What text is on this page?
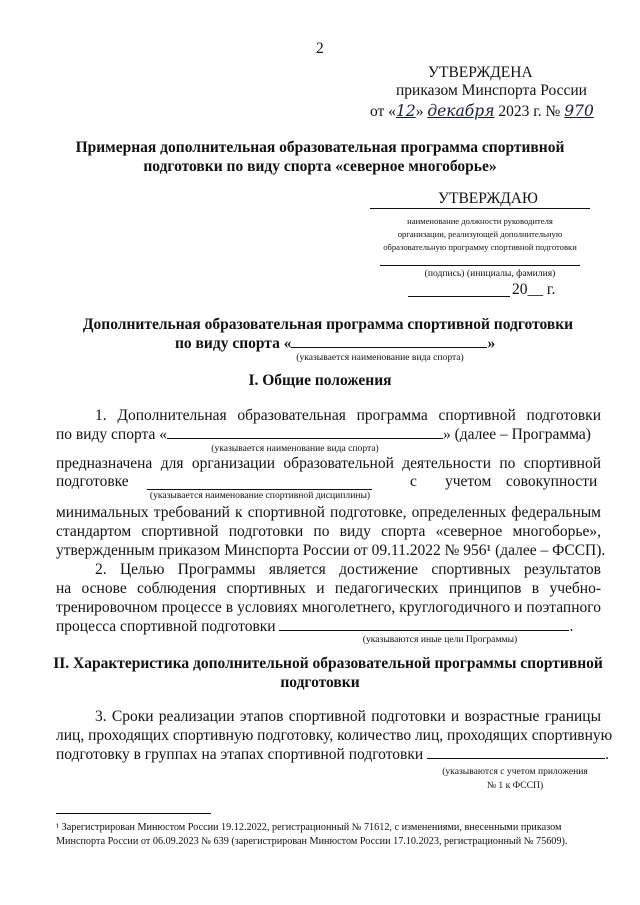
2
УТВЕРЖДЕНА
приказом Минспорта России
от «12» декабря 2023 г. № 970
Примерная дополнительная образовательная программа спортивной
подготовки по виду спорта «северное многоборье»
УТВЕРЖДАЮ
наименование должности руководителя
организации, реализующей дополнительную
образовательную программу спортивной подготовки
(подпись) (инициалы, фамилия)
20__ г.
Дополнительная образовательная программа спортивной подготовки
по виду спорта «	»
(указывается наименование вида спорта)
I. Общие положения
1. Дополнительная образовательная программа спортивной подготовки
по виду спорта «	» (далее – Программа)
(указывается наименование вида спорта)
предназначена для организации образовательной деятельности по спортивной
подготовке	с учетом совокупности
(указывается наименование спортивной дисциплины)
минимальных требований к спортивной подготовке, определенных федеральным
стандартом спортивной подготовки по виду спорта «северное многоборье»,
утвержденным приказом Минспорта России от 09.11.2022 № 956¹ (далее – ФССП).
2. Целью Программы является достижение спортивных результатов
на основе соблюдения спортивных и педагогических принципов в учебно-
тренировочном процессе в условиях многолетнего, круглогодичного и поэтапного
процесса спортивной подготовки	.
(указываются иные цели Программы)
II. Характеристика дополнительной образовательной программы спортивной
подготовки
3. Сроки реализации этапов спортивной подготовки и возрастные границы
лиц, проходящих спортивную подготовку, количество лиц, проходящих спортивную
подготовку в группах на этапах спортивной подготовки	.
(указываются с учетом приложения
№ 1 к ФССП)
¹ Зарегистрирован Минюстом России 19.12.2022, регистрационный № 71612, с изменениями, внесенными приказом
Минспорта России от 06.09.2023 № 639 (зарегистрирован Минюстом России 17.10.2023, регистрационный № 75609).
